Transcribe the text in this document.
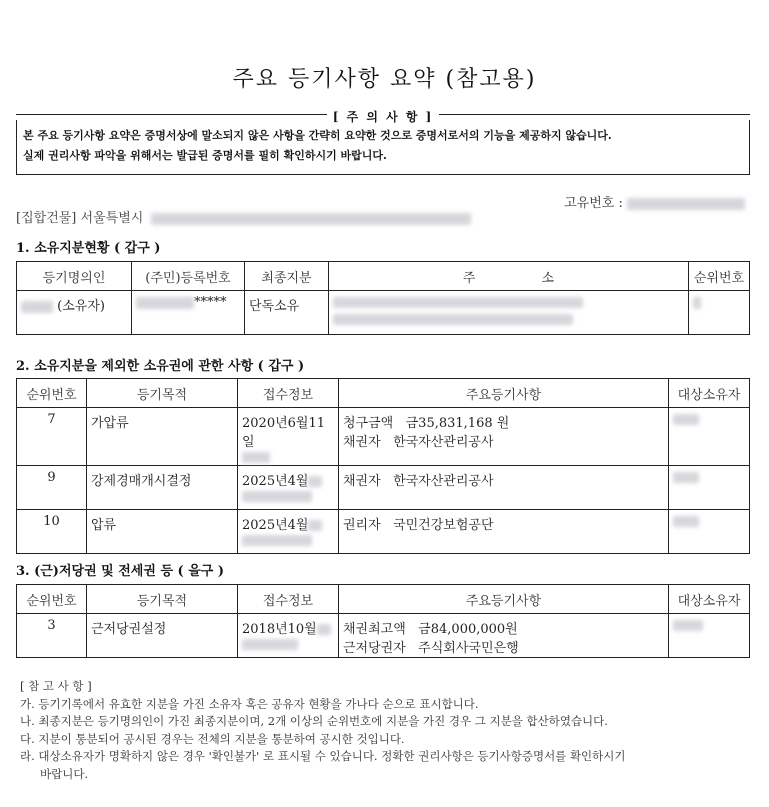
주요 등기사항 요약 (참고용)
[ 주 의 사 항 ]
본 주요 등기사항 요약은 증명서상에 말소되지 않은 사항을 간략히 요약한 것으로 증명서로서의 기능을 제공하지 않습니다.
실제 권리사항 파악을 위해서는 발급된 증명서를 필히 확인하시기 바랍니다.
고유번호 :
[집합건물] 서울특별시
1. 소유지분현황 ( 갑구 )
등기명의인	(주민)등록번호	최종지분	주                소	순위번호
(소유자)	*****	단독소유	

2. 소유지분을 제외한 소유권에 관한 사항 ( 갑구 )
순위번호	등기목적	접수정보	주요등기사항	대상소유자
7	가압류	2020년6월11일	청구금액   금35,831,168 원
채권자   한국자산관리공사	

9	강제경매개시결정	2025년4월	채권자   한국자산관리공사	

10	압류	2025년4월	권리자   국민건강보험공단	

3. (근)저당권 및 전세권 등 ( 을구 )
순위번호	등기목적	접수정보	주요등기사항	대상소유자
3	근저당권설정	2018년10월	채권최고액   금84,000,000원
근저당권자   주식회사국민은행	

[ 참 고 사 항 ]
가. 등기기록에서 유효한 지분을 가진 소유자 혹은 공유자 현황을 가나다 순으로 표시합니다.
나. 최종지분은 등기명의인이 가진 최종지분이며, 2개 이상의 순위번호에 지분을 가진 경우 그 지분을 합산하였습니다.
다. 지분이 통분되어 공시된 경우는 전체의 지분을 통분하여 공시한 것입니다.
라. 대상소유자가 명확하지 않은 경우 '확인불가' 로 표시될 수 있습니다. 정확한 권리사항은 등기사항증명서를 확인하시기
바랍니다.
